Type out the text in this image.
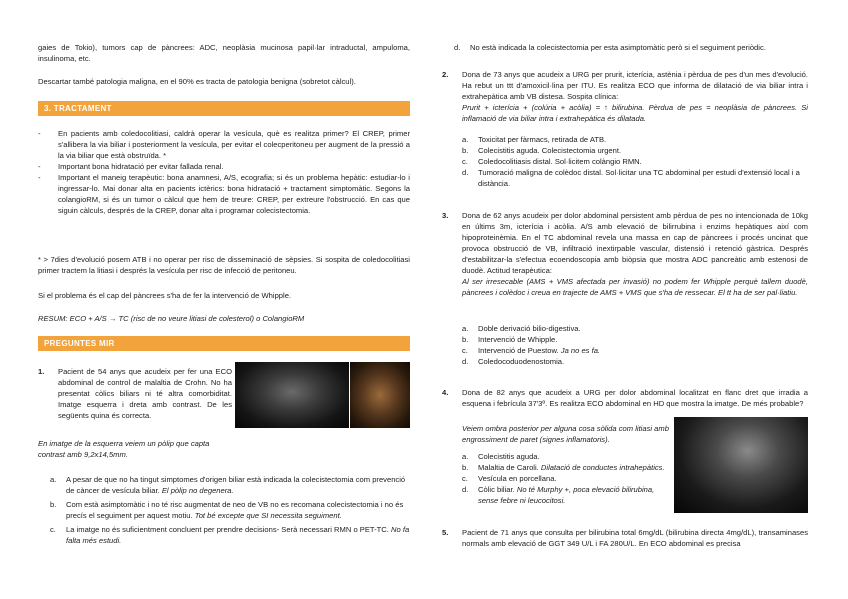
gaies de Tokio), tumors cap de pàncrees: ADC, neoplàsia mucinosa papil·lar intraductal, ampuloma, insulinoma, etc.

Descartar també patologia maligna, en el 90% es tracta de patologia benigna (sobretot càlcul).

3. TRACTAMENT
-	En pacients amb coledocolitiasi, caldrà operar la vesícula, què es realitza primer? El CREP, primer s'allibera la via biliar i posteriorment la vesícula, per evitar el colecperitoneu per augment de la pressió a la via biliar que està obstruïda. *
-	Important bona hidratació per evitar fallada renal.
-	Important el maneig terapèutic: bona anamnesi, A/S, ecografia; si és un problema hepàtic: estudiar-lo i ingressar-lo. Mai donar alta en pacients ictèrics: bona hidratació + tractament simptomàtic. Segons la colangioRM, si és un tumor o càlcul que hem de treure: CREP, per extreure l'obstrucció. En cas que siguin càlculs, després de la CREP, donar alta i programar colecistectomia.

* > 7dies d'evolució posem ATB i no operar per risc de disseminació de sèpsies. Si sospita de coledocolitiasi primer tractem la litiasi i després la vesícula per risc de infecció de peritoneu.

Si el problema és el cap del pàncrees s'ha de fer la intervenció de Whipple.

RESUM: ECO + A/S → TC (risc de no veure litiasi de colesterol) o ColangioRM

PREGUNTES MIR
1.	Pacient de 54 anys que acudeix per fer una ECO abdominal de control de malaltia de Crohn. No ha presentat còlics biliars ni té altra comorbiditat. Imatge esquerra i dreta amb contrast. De les següents quina és correcta.

En imatge de la esquerra veiem un pòlip que capta contrast amb 9,2x14,5mm.

a.	A pesar de que no ha tingut simptomes d'origen biliar està indicada la colecistectomia com prevenció de càncer de vesícula biliar. El pòlip no degenera.
b.	Com està asimptomàtic i no té risc augmentat de neo de VB no es recomana colecistectomia i no és precís el seguiment per aquest motiu. Tot bé excepte que SI necessita seguiment.
c.	La imatge no és suficientment concluent per prendre decisions- Serà necessari RMN o PET-TC. No fa falta més estudi.
d.	No està indicada la colecistectomia per esta asimptomàtic però si el seguiment periòdic.
2.	Dona de 73 anys que acudeix a URG per prurit, icterícia, astènia i pèrdua de pes d'un mes d'evolució. Ha rebut un ttt d'amoxicil·lina per ITU. Es realitza ECO que informa de dilatació de via biliar intra i extrahepàtica amb VB distesa. Sospita clínica:
Prurit + icterícia + (colúria + acòlia) = ↑ bilirubina. Pèrdua de pes = neoplàsia de pàncrees. Si inflamació de via biliar intra i extrahepàtica és dilatada.
a.	Toxicitat per fàrmacs, retirada de ATB.
b.	Colecistitis aguda. Colecistectomia urgent.
c.	Coledocolitiasis distal. Sol·licitem colàngio RMN.
d.	Tumoració maligna de colèdoc distal. Sol·licitar una TC abdominal per estudi d'extensió local i a distància.
3.	Dona de 62 anys acudeix per dolor abdominal persistent amb pèrdua de pes no intencionada de 10kg en últims 3m, icterícia i acòlia. A/S amb elevació de bilirrubina i enzims hepàtiques així com hipoproteinèmia. En el TC abdominal revela una massa en cap de pàncrees i procés uncinat que provoca obstrucció de VB, infiltració inextirpable vascular, distensió i retenció gàstrica. Després d'estabilitzar-la s'efectua ecoendoscopia amb biòpsia que mostra ADC pancreàtic amb estenosi de duodè. Actitud terapèutica:
Al ser irresecable (AMS + VMS afectada per invasió) no podem fer Whipple perquè tallem duodè, pàncrees i colèdoc i creua en trajecte de AMS + VMS que s'ha de ressecar. El tt ha de ser pal·liatiu.
a.	Doble derivació bilio-digestiva.
b.	Intervenció de Whipple.
c.	Intervenció de Puestow. Ja no es fa.
d.	Coledocoduodenostomia.
4.	Dona de 82 anys que acudeix a URG per dolor abdominal localitzat en flanc dret que irradia a esquena i febrícula 37'3º. Es realitza ECO abdominal en HD que mostra la imatge. De més probable?

Veiem ombra posterior per alguna cosa sòlida com litiasi amb engrossiment de paret (signes inflamatoris).

a.	Colecistitis aguda.
b.	Malaltia de Caroli. Dilatació de conductes intrahepàtics.
c.	Vesícula en porcellana.
d.	Còlic biliar. No té Murphy +, poca elevació bilirubina, sense febre ni leucocitosi.
5.	Pacient de 71 anys que consulta per bilirubina total 6mg/dL (bilirubina directa 4mg/dL), transaminases normals amb elevació de GGT 349 U/L i FA 280U/L. En ECO abdominal es precisa
